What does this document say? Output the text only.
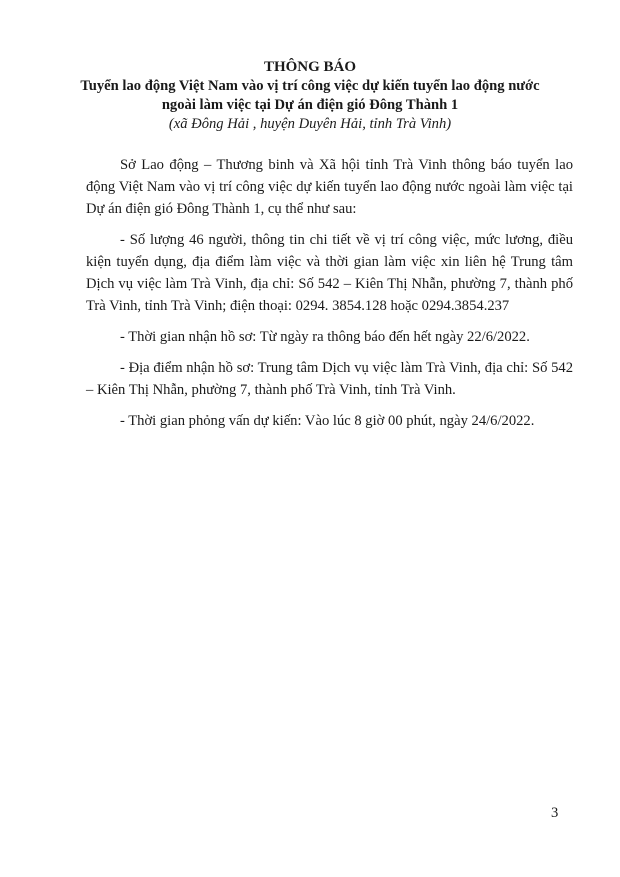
THÔNG BÁO
Tuyển lao động Việt Nam vào vị trí công việc dự kiến tuyển lao động nước
ngoài làm việc tại Dự án điện gió Đông Thành 1
(xã Đông Hải , huyện Duyên Hải, tỉnh Trà Vinh)

Sở Lao động – Thương binh và Xã hội tỉnh Trà Vinh thông báo tuyển lao động Việt Nam vào vị trí công việc dự kiến tuyển lao động nước ngoài làm việc tại Dự án điện gió Đông Thành 1, cụ thể như sau:

- Số lượng 46 người, thông tin chi tiết về vị trí công việc, mức lương, điều kiện tuyển dụng, địa điểm làm việc và thời gian làm việc xin liên hệ Trung tâm Dịch vụ việc làm Trà Vinh, địa chỉ: Số 542 – Kiên Thị Nhẫn, phường 7, thành phố Trà Vinh, tỉnh Trà Vinh; điện thoại: 0294. 3854.128 hoặc 0294.3854.237

- Thời gian nhận hồ sơ: Từ ngày ra thông báo đến hết ngày 22/6/2022.

- Địa điểm nhận hồ sơ: Trung tâm Dịch vụ việc làm Trà Vinh, địa chỉ: Số 542 – Kiên Thị Nhẫn, phường 7, thành phố Trà Vinh, tỉnh Trà Vinh.

- Thời gian phỏng vấn dự kiến: Vào lúc 8 giờ 00 phút, ngày 24/6/2022.

3
